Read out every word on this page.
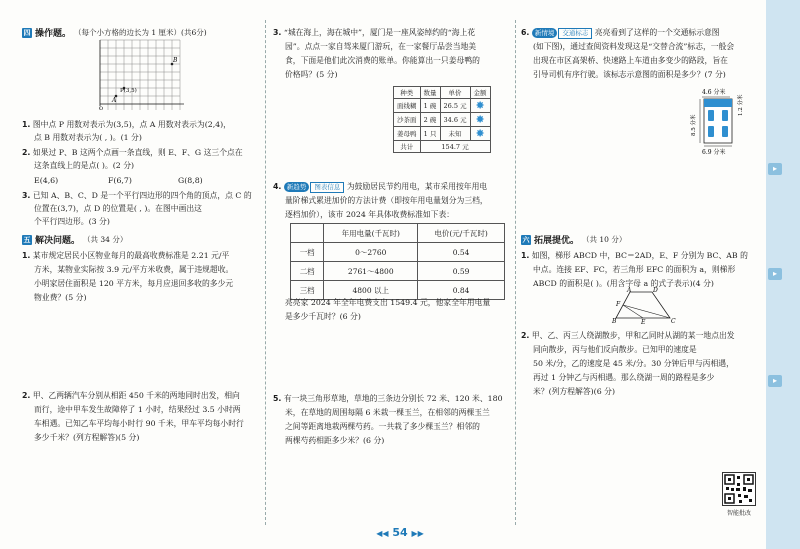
▸
▸
▸
四 操作题。 （每个小方格的边长为 1 厘米）(共6分)
A
P(3,5)
B
O
1. 图中点 P 用数对表示为(3,5)，点 A 用数对表示为(2,4)，
点 B 用数对表示为( , )。(1 分)
2. 如果过 P、B 这两个点画一条直线，则 E、F、G 这三个点在
这条直线上的是点( )。(2 分)
E(4,6)	F(6,7)	G(8,8)
3. 已知 A、B、C、D 是一个平行四边形的四个角的顶点，点 C 的
位置在(3,7)，点 D 的位置是( , )。在图中画出这
个平行四边形。(3 分)
五 解决问题。 （共 34 分）
1. 某市规定居民小区物业每月的最高收费标准是 2.21 元/平
方米，某物业实际按 3.9 元/平方米收费，属于违规超收。
小明家居住面积是 120 平方米，每月应退回多收的多少元
物业费？(5 分)
2. 甲、乙两辆汽车分别从相距 450 千米的两地同时出发，相向
而行，途中甲车发生故障停了 1 小时，结果经过 3.5 小时两
车相遇。已知乙车平均每小时行 90 千米，甲车平均每小时行
多少千米？(列方程解答)(5 分)
3. “城在海上，海在城中”，厦门是一座风姿绰约的“海上花
园”。点点一家自驾来厦门游玩，在一家餐厅品尝当地美
食，下面是他们此次消费的账单。你能算出一只姜母鸭的
价格吗？(5 分)
种类	数量	单价	金额
面线糊	1 碗	26.5 元	✸
沙茶面	2 碗	34.6 元	✸
姜母鸭	1 只	未知	✸
共计	154.7 元		
4. 新趋势 图表信息 为鼓励居民节约用电，某市采用按年用电
量阶梯式累进加价的方法计费（即按年用电量划分为三档，
逐档加价），该市 2024 年具体收费标准如下表：
	年用电量(千瓦时)	电价(元/千瓦时)
一档	0～2760	0.54
二档	2761～4800	0.59
三档	4800 以上	0.84
亮亮家 2024 年全年电费支出 1549.4 元，他家全年用电量
是多少千瓦时？(6 分)
5. 有一块三角形草地，草地的三条边分别长 72 米、120 米、180
米，在草地的周围每隔 6 米栽一棵玉兰，在相邻的两棵玉兰
之间等距离地栽两棵芍药。一共栽了多少棵玉兰？相邻的
两棵芍药相距多少米？(6 分)
6. 新情境 交通标志 亮亮看到了这样的一个交通标示意图
(如下图)，通过查阅资料发现这是“交替合流”标志，一般会
出现在市区高架桥、快速路上车道由多变少的路段，旨在
引导司机有序行驶。该标志示意图的面积是多少？(7 分)
4.6 分米
8.5 分米
1.2 分米
6.9 分米
六 拓展提优。 （共 10 分）
1. 如图，梯形 ABCD 中，BC＝2AD，E、F 分别为 BC、AB 的
中点。连接 EF、FC，若三角形 EFC 的面积为 a，则梯形
ABCD 的面积是( )。(用含字母 a 的式子表示)(4 分)
A	D
B	C
E
F
2. 甲、乙、丙三人绕湖散步，甲和乙同时从湖的某一地点出发
同向散步，丙与他们反向散步。已知甲的速度是
50 米/分，乙的速度是 45 米/分。30 分钟后甲与丙相遇，
再过 1 分钟乙与丙相遇。那么绕湖一周的路程是多少
米？(列方程解答)(6 分)
智能批改
◀◀ 54 ▶▶
